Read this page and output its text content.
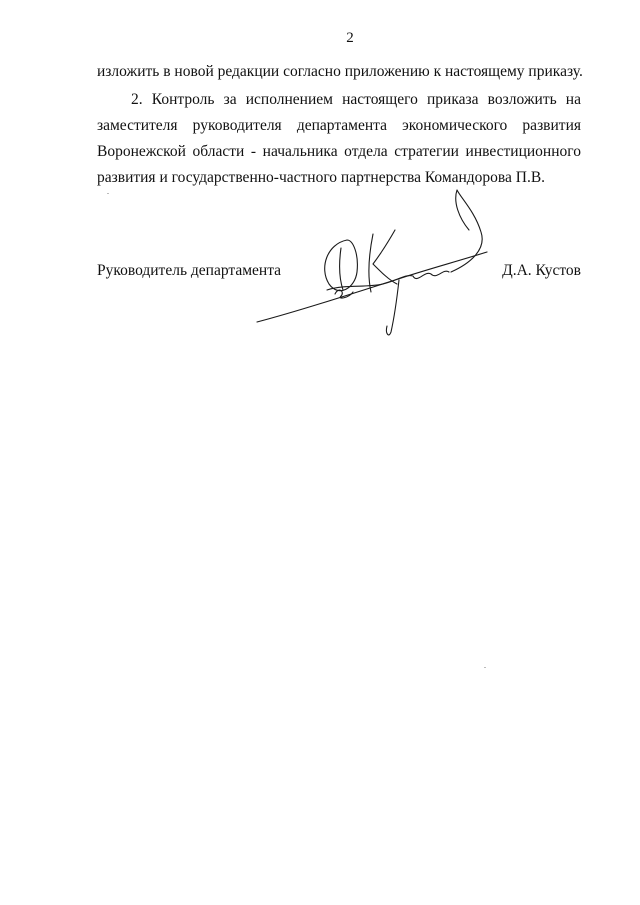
2
изложить в новой редакции согласно приложению к настоящему приказу.
2. Контроль за исполнением настоящего приказа возложить на
заместителя руководителя департамента экономического развития
Воронежской области - начальника отдела стратегии инвестиционного
развития и государственно-частного партнерства Командорова П.В.
Руководитель департамента	Д.А. Кустов
